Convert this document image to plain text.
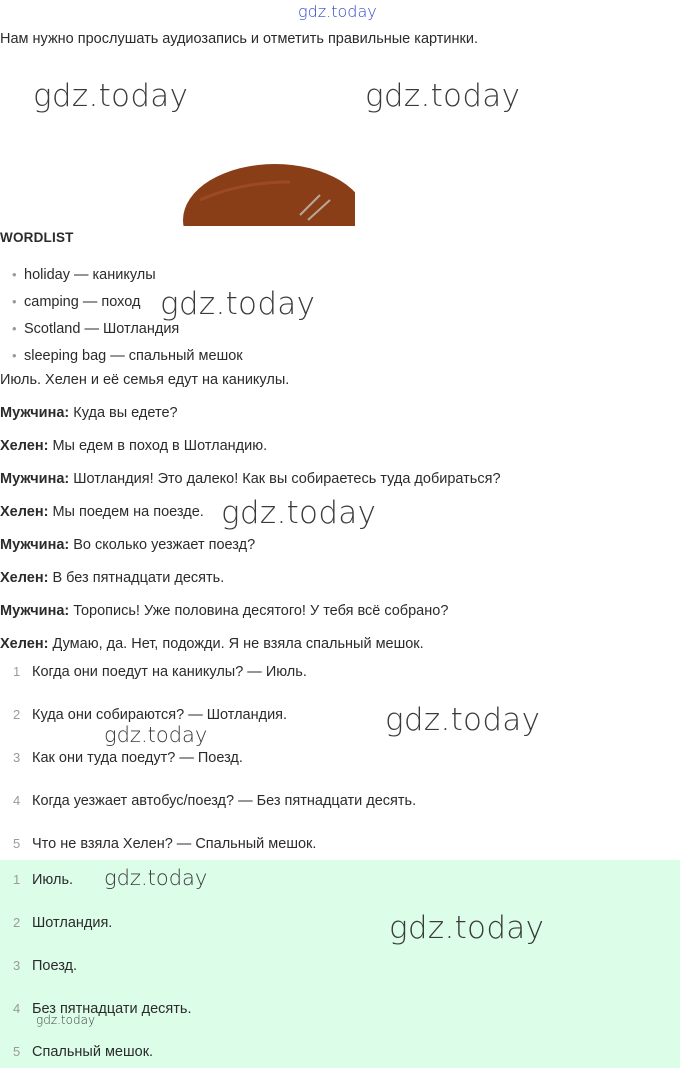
gdz.today
Нам нужно прослушать аудиозапись и отметить правильные картинки.
gdz.today	gdz.today
WORDLIST
• holiday — каникулы
• camping — поход
• Scotland — Шотландия
• sleeping bag — спальный мешок
gdz.today
Июль. Хелен и её семья едут на каникулы.
Мужчина: Куда вы едете?
Хелен: Мы едем в поход в Шотландию.
Мужчина: Шотландия! Это далеко! Как вы собираетесь туда добираться?
Хелен: Мы поедем на поезде.
Мужчина: Во сколько уезжает поезд?
Хелен: В без пятнадцати десять.
Мужчина: Торопись! Уже половина десятого! У тебя всё собрано?
Хелен: Думаю, да. Нет, подожди. Я не взяла спальный мешок.
gdz.today
1 Когда они поедут на каникулы? — Июль.
2 Куда они собираются? — Шотландия.
3 Как они туда поедут? — Поезд.
4 Когда уезжает автобус/поезд? — Без пятнадцати десять.
5 Что не взяла Хелен? — Спальный мешок.
gdz.today
gdz.today
1 Июль.
2 Шотландия.
3 Поезд.
4 Без пятнадцати десять.
5 Спальный мешок.
gdz.today
gdz.today
gdz.today
